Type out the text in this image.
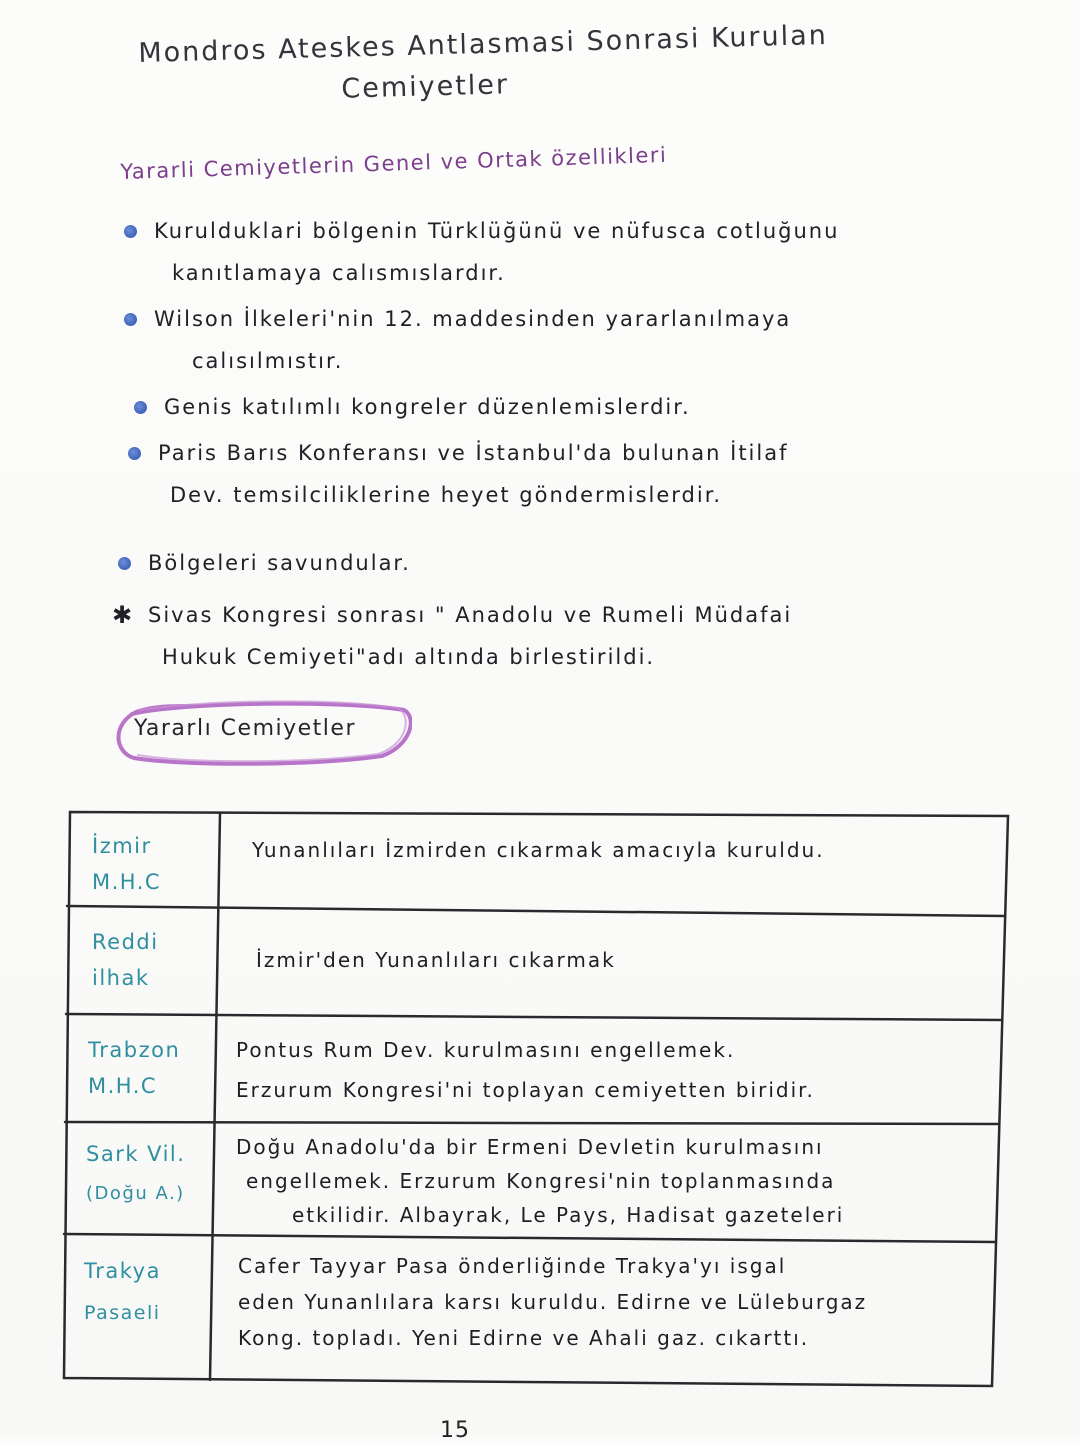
Mondros Ateskes Antlasmasi Sonrasi Kurulan
Cemiyetler
Yararli Cemiyetlerin Genel ve Ortak özellikleri
Kurulduklari bölgenin Türklüğünü ve nüfusca cotluğunu
kanıtlamaya calısmıslardır.
Wilson İlkeleri'nin 12. maddesinden yararlanılmaya
calısılmıstır.
Genis katılımlı kongreler düzenlemislerdir.
Paris Barıs Konferansı ve İstanbul'da bulunan İtilaf
Dev. temsilciliklerine heyet göndermislerdir.
Bölgeleri savundular.
✱ Sivas Kongresi sonrası " Anadolu ve Rumeli Müdafai
Hukuk Cemiyeti"adı altında birlestirildi.
Yararlı Cemiyetler
İzmir
M.H.C
Yunanlıları İzmirden cıkarmak amacıyla kuruldu.
Reddi
ilhak
İzmir'den Yunanlıları cıkarmak
Trabzon
M.H.C
Pontus Rum Dev. kurulmasını engellemek.
Erzurum Kongresi'ni toplayan cemiyetten biridir.
Sark Vil.
(Doğu A.)
Doğu Anadolu'da bir Ermeni Devletin kurulmasını
engellemek. Erzurum Kongresi'nin toplanmasında
etkilidir. Albayrak, Le Pays, Hadisat gazeteleri
Trakya
Pasaeli
Cafer Tayyar Pasa önderliğinde Trakya'yı isgal
eden Yunanlılara karsı kuruldu. Edirne ve Lüleburgaz
Kong. topladı. Yeni Edirne ve Ahali gaz. cıkarttı.
15
